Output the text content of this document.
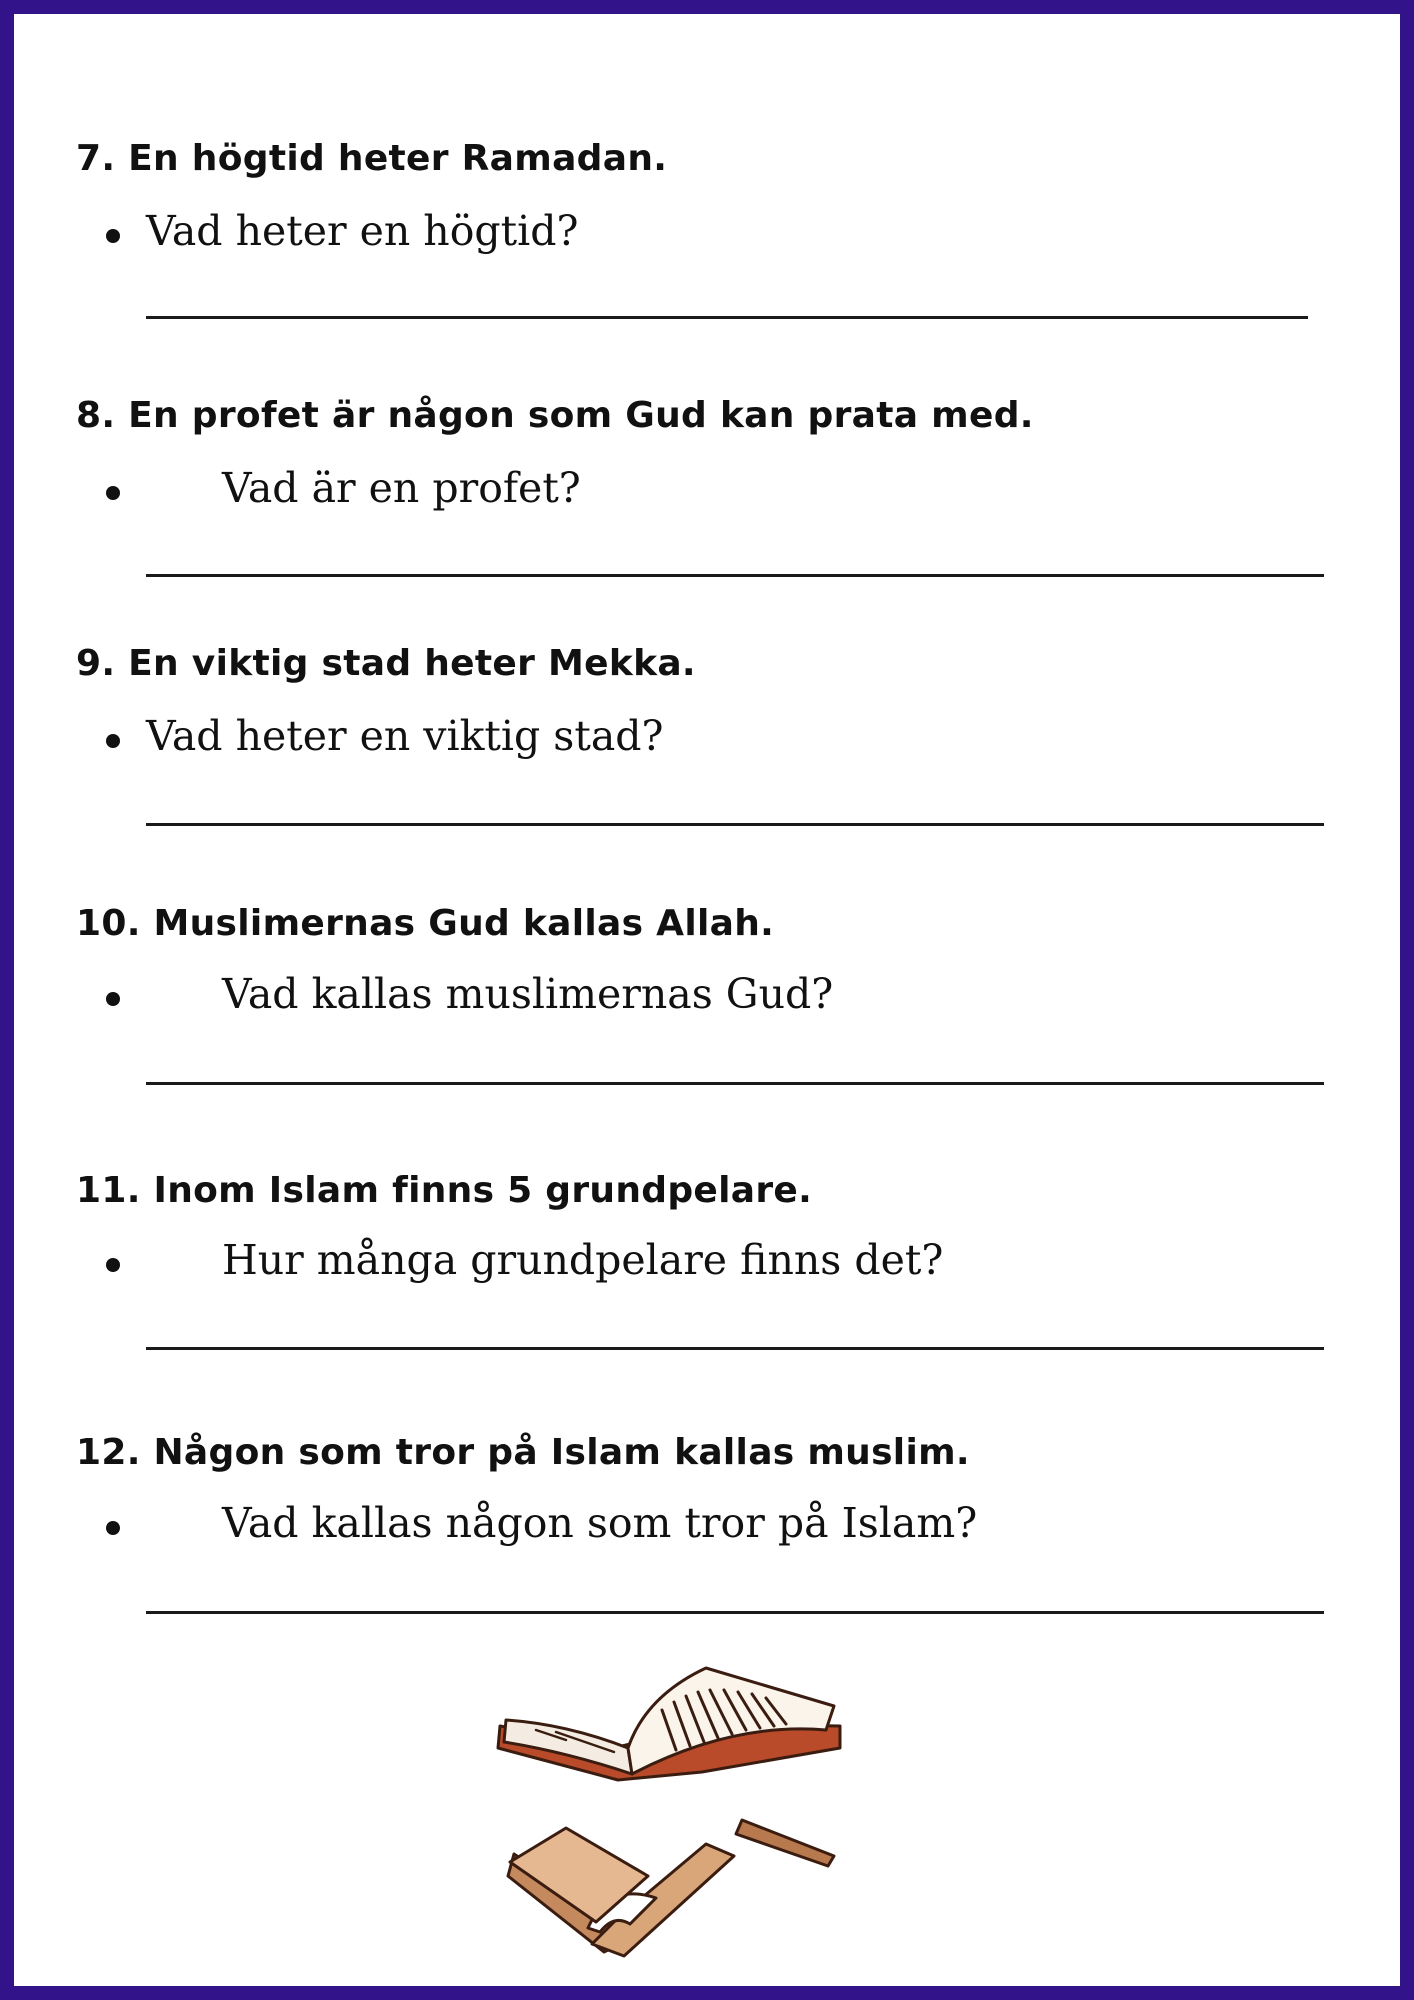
7. En högtid heter Ramadan.
Vad heter en högtid?
8. En profet är någon som Gud kan prata med.
Vad är en profet?
9. En viktig stad heter Mekka.
Vad heter en viktig stad?
10. Muslimernas Gud kallas Allah.
Vad kallas muslimernas Gud?
11. Inom Islam finns 5 grundpelare.
Hur många grundpelare finns det?
12. Någon som tror på Islam kallas muslim.
Vad kallas någon som tror på Islam?
